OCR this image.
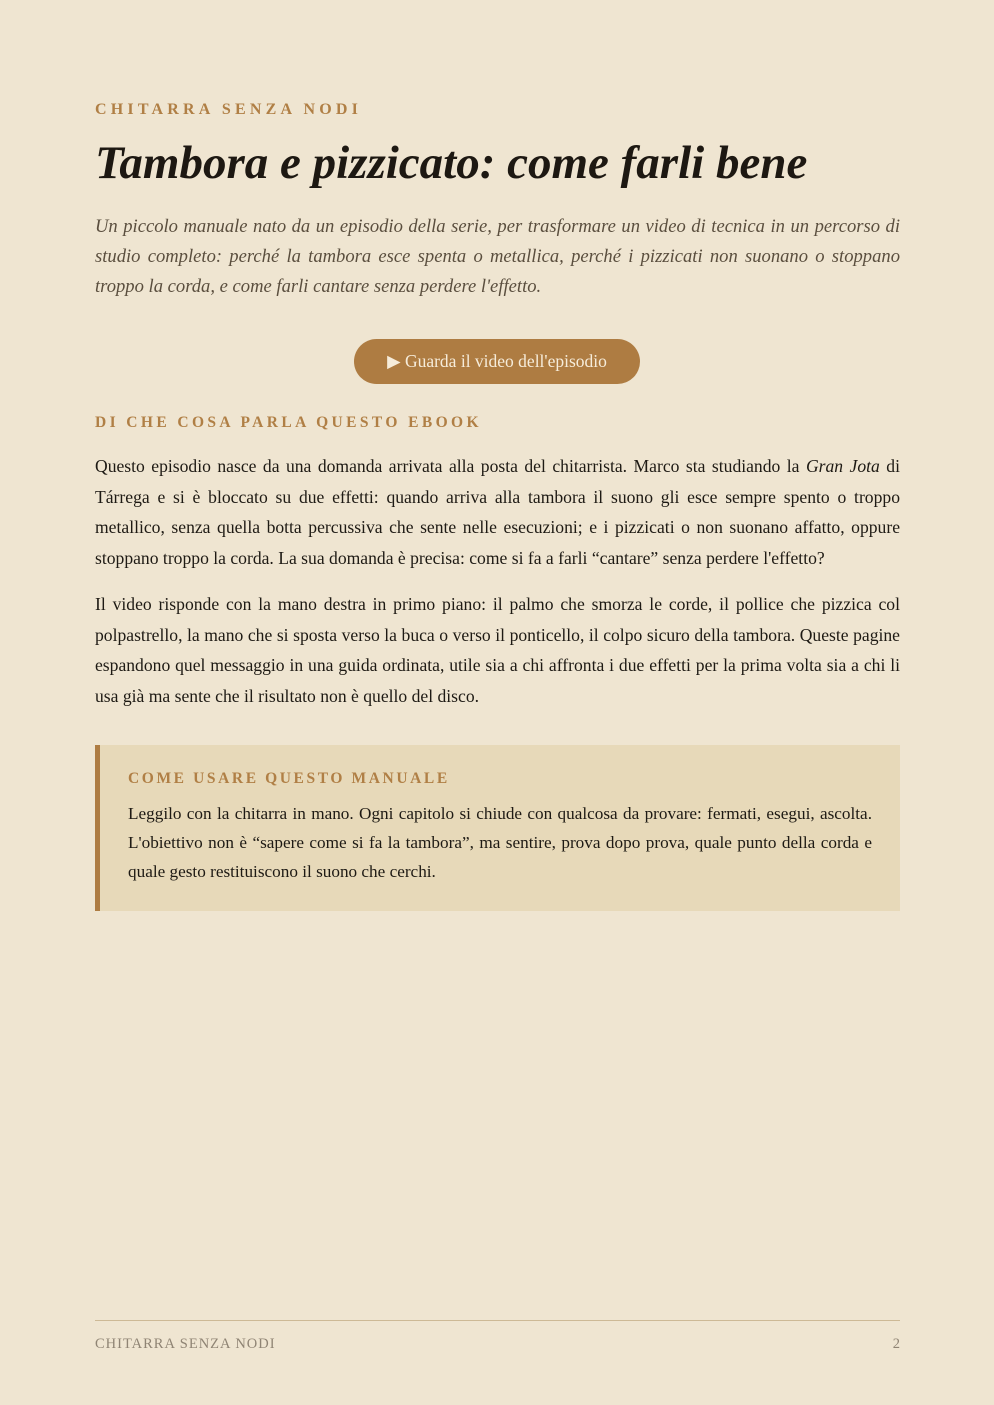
CHITARRA SENZA NODI
Tambora e pizzicato: come farli bene

Un piccolo manuale nato da un episodio della serie, per trasformare un video di tecnica in un percorso di studio completo: perché la tambora esce spenta o metallica, perché i pizzicati non suonano o stoppano troppo la corda, e come farli cantare senza perdere l'effetto.

▶ Guarda il video dell'episodio
DI CHE COSA PARLA QUESTO EBOOK

Questo episodio nasce da una domanda arrivata alla posta del chitarrista. Marco sta studiando la Gran Jota di Tárrega e si è bloccato su due effetti: quando arriva alla tambora il suono gli esce sempre spento o troppo metallico, senza quella botta percussiva che sente nelle esecuzioni; e i pizzicati o non suonano affatto, oppure stoppano troppo la corda. La sua domanda è precisa: come si fa a farli “cantare” senza perdere l'effetto?

Il video risponde con la mano destra in primo piano: il palmo che smorza le corde, il pollice che pizzica col polpastrello, la mano che si sposta verso la buca o verso il ponticello, il colpo sicuro della tambora. Queste pagine espandono quel messaggio in una guida ordinata, utile sia a chi affronta i due effetti per la prima volta sia a chi li usa già ma sente che il risultato non è quello del disco.

COME USARE QUESTO MANUALE

Leggilo con la chitarra in mano. Ogni capitolo si chiude con qualcosa da provare: fermati, esegui, ascolta. L'obiettivo non è “sapere come si fa la tambora”, ma sentire, prova dopo prova, quale punto della corda e quale gesto restituiscono il suono che cerchi.

CHITARRA SENZA NODI	2
